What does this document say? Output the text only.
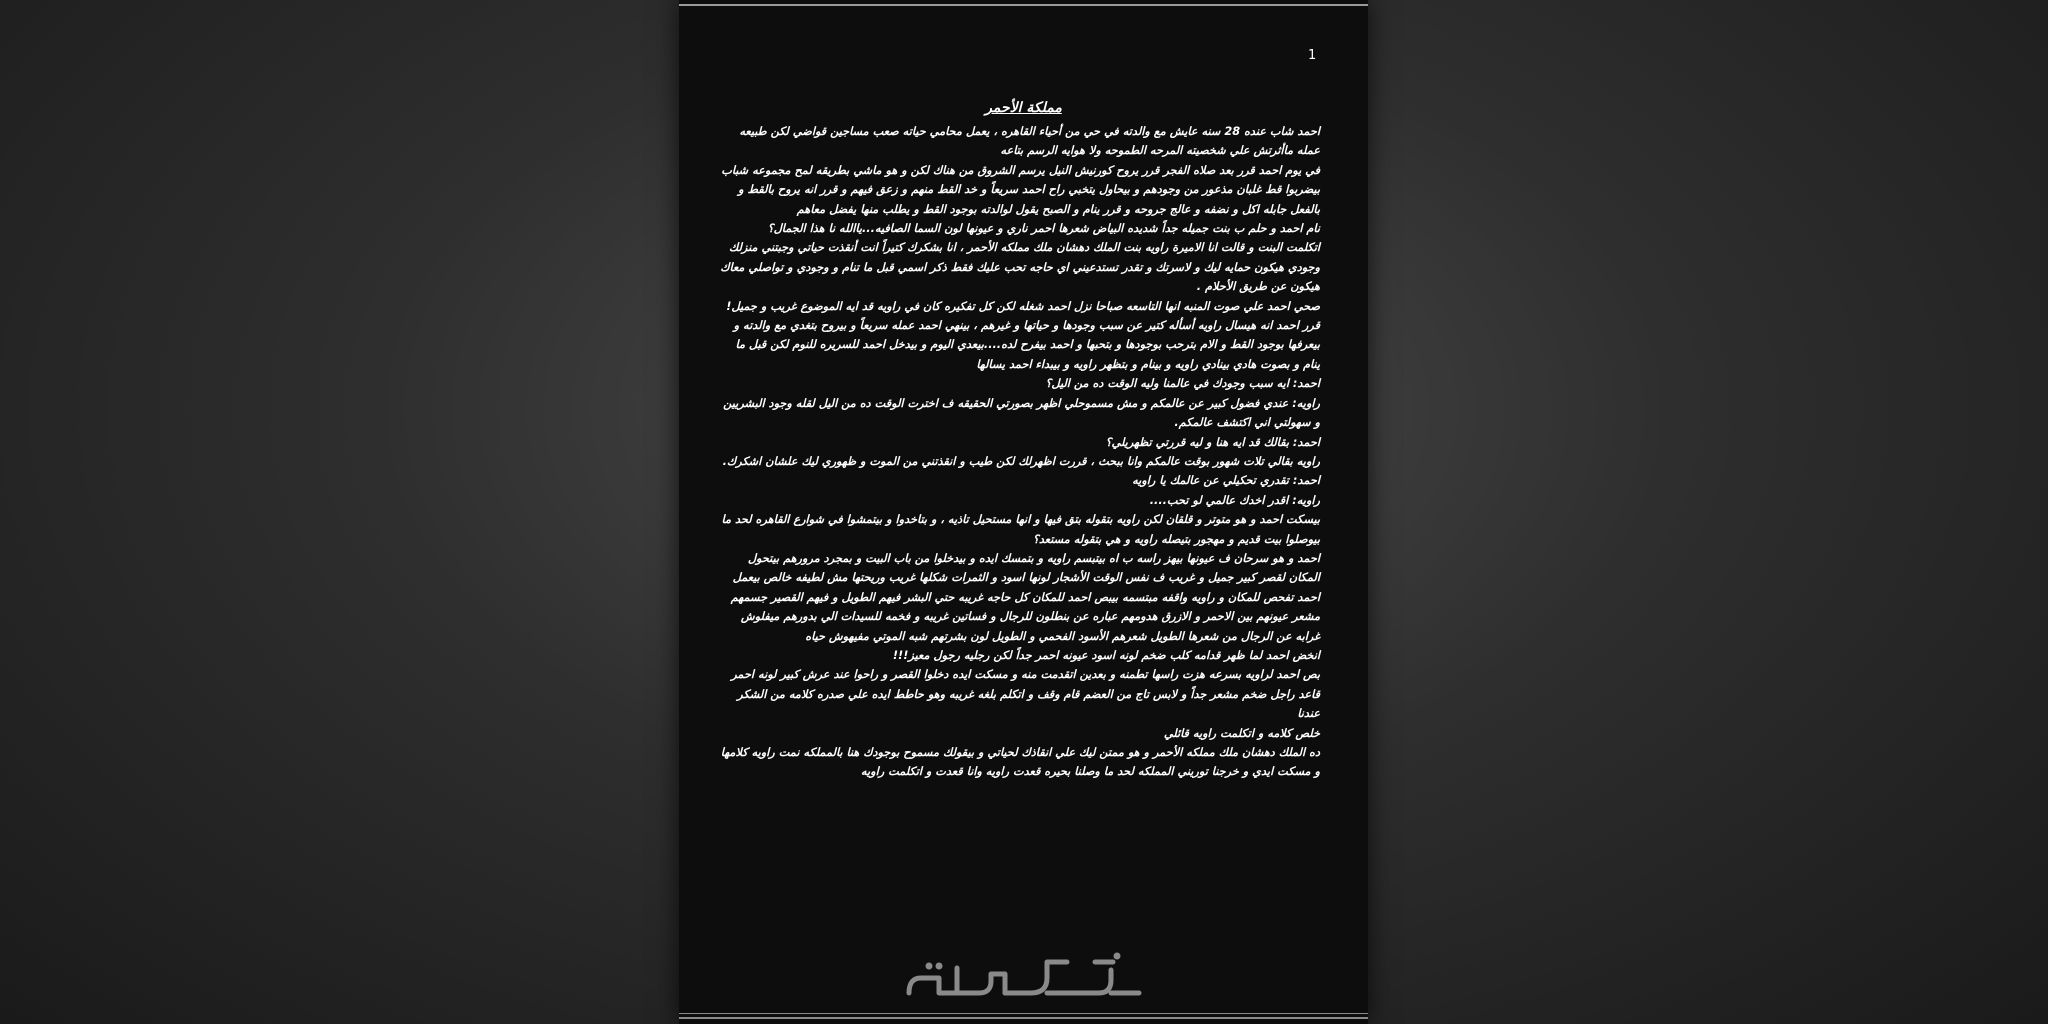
1
مملكة الأحمر

احمد شاب عنده 28 سنه عايش مع والدته في حي من أحياء القاهره ، يعمل محامي حياته صعب مساجين قواضي لكن طبيعه عمله ماأثرتش علي شخصيته المرحه الطموحه ولا هوايه الرسم بتاعه

في يوم احمد قرر بعد صلاه الفجر قرر يروح كورنيش النيل يرسم الشروق من هناك لكن و هو ماشي بطريقه لمح مجموعه شباب بيضربوا قط غلبان مذعور من وجودهم و بيحاول يتخبي راح احمد سريعاً و خد القط منهم و زعق فيهم و قرر انه يروح بالقط و بالفعل جابله اكل و نضفه و عالج جروحه و قرر ينام و الصبح يقول لوالدته بوجود القط و يطلب منها يفضل معاهم

نام احمد و حلم ب بنت جميله جداً شديده البياض شعرها احمر ناري و عيونها لون السما الصافيه...ياالله نا هذا الجمال؟

اتكلمت البنت و قالت انا الاميرة راويه بنت الملك دهشان ملك مملكه الأحمر ، انا بشكرك كتيراً انت أنقذت حياتي وجبتني منزلك وجودي هيكون حمايه ليك و لاسرتك و تقدر تستدعيني اي حاجه تحب عليك فقط ذكر اسمي قبل ما تنام و وجودي و تواصلي معاك هيكون عن طريق الأحلام .

صحي احمد علي صوت المنبه انها التاسعه صباحا نزل احمد شغله لكن كل تفكيره كان في راويه قد ايه الموضوع غريب و جميل! قرر احمد انه هيسال راويه أسأله كتير عن سبب وجودها و حياتها و غيرهم ، بينهي احمد عمله سريعاً و بيروح بتغدي مع والدته و بيعرفها بوجود القط و الام بترحب بوجودها و بتحبها و احمد بيفرح لده....بيعدي اليوم و بيدخل احمد للسريره للنوم لكن قبل ما ينام و بصوت هادي بينادي راويه و بينام و بتظهر راويه و بيبداء احمد يسالها

احمد: ايه سبب وجودك في عالمنا وليه الوقت ده من اليل؟

راويه: عندي فضول كبير عن عالمكم و مش مسموحلي اظهر بصورتي الحقيقه ف اخترت الوقت ده من اليل لقله وجود البشريين و سهولتي اني اكتشف عالمكم.

احمد: بقالك قد ايه هنا و ليه قررتي تظهريلي؟

راويه بقالي تلات شهور بوقت عالمكم وانا ببحث ، قررت اظهرلك لكن طيب و انقذتني من الموت و ظهوري ليك علشان اشكرك.

احمد: تقدري تحكيلي عن عالمك يا راويه

راويه: اقدر اخدك عالمي لو تحب....

بيسكت احمد و هو متوتر و قلقان لكن راويه بتقوله بتق فيها و انها مستحيل تاذيه ، و بتاخدوا و بيتمشوا في شوارع القاهره لحد ما بيوصلوا بيت قديم و مهجور بتيصله راويه و هي بتقوله مستعد؟

احمد و هو سرحان ف عيونها بيهز راسه ب اه بيتبسم راويه و بتمسك ايده و بيدخلوا من باب البيت و بمجرد مرورهم بيتحول المكان لقصر كبير جميل و غريب ف نفس الوقت الأشجار لونها اسود و الثمرات شكلها غريب وريحتها مش لطيفه خالص بيعمل احمد تفحص للمكان و راويه واقفه مبتسمه بيبص احمد للمكان كل حاجه غريبه حتي البشر فيهم الطويل و فيهم القصير جسمهم مشعر عيونهم بين الاحمر و الازرق هدومهم عباره عن بنطلون للرجال و فساتين غريبه و فخمه للسيدات الي بدورهم ميفلوش غرابه عن الرجال من شعرها الطويل شعرهم الأسود الفحمي و الطويل لون بشرتهم شبه الموتي مفيهوش حياه

انخض احمد لما ظهر قدامه كلب ضخم لونه اسود عيونه احمر جداً لكن رجليه رجول معيز!!!

بص احمد لراويه بسرعه هزت راسها تطمنه و بعدين اتقدمت منه و مسكت ايده دخلوا القصر و راحوا عند عرش كبير لونه احمر قاعد راجل ضخم مشعر جداً و لابس تاج من العضم قام وقف و اتكلم بلغه غريبه وهو حاطط ايده علي صدره كلامه من الشكر عندنا

خلص كلامه و اتكلمت راويه قائلي

ده الملك دهشان ملك مملكه الأحمر و هو ممتن ليك علي انقاذك لحياتي و بيقولك مسموح بوجودك هنا بالمملكه نمت راويه كلامها و مسكت ايدي و خرجنا توريني المملكه لحد ما وصلنا بحيره قعدت راويه وانا قعدت و اتكلمت راويه
